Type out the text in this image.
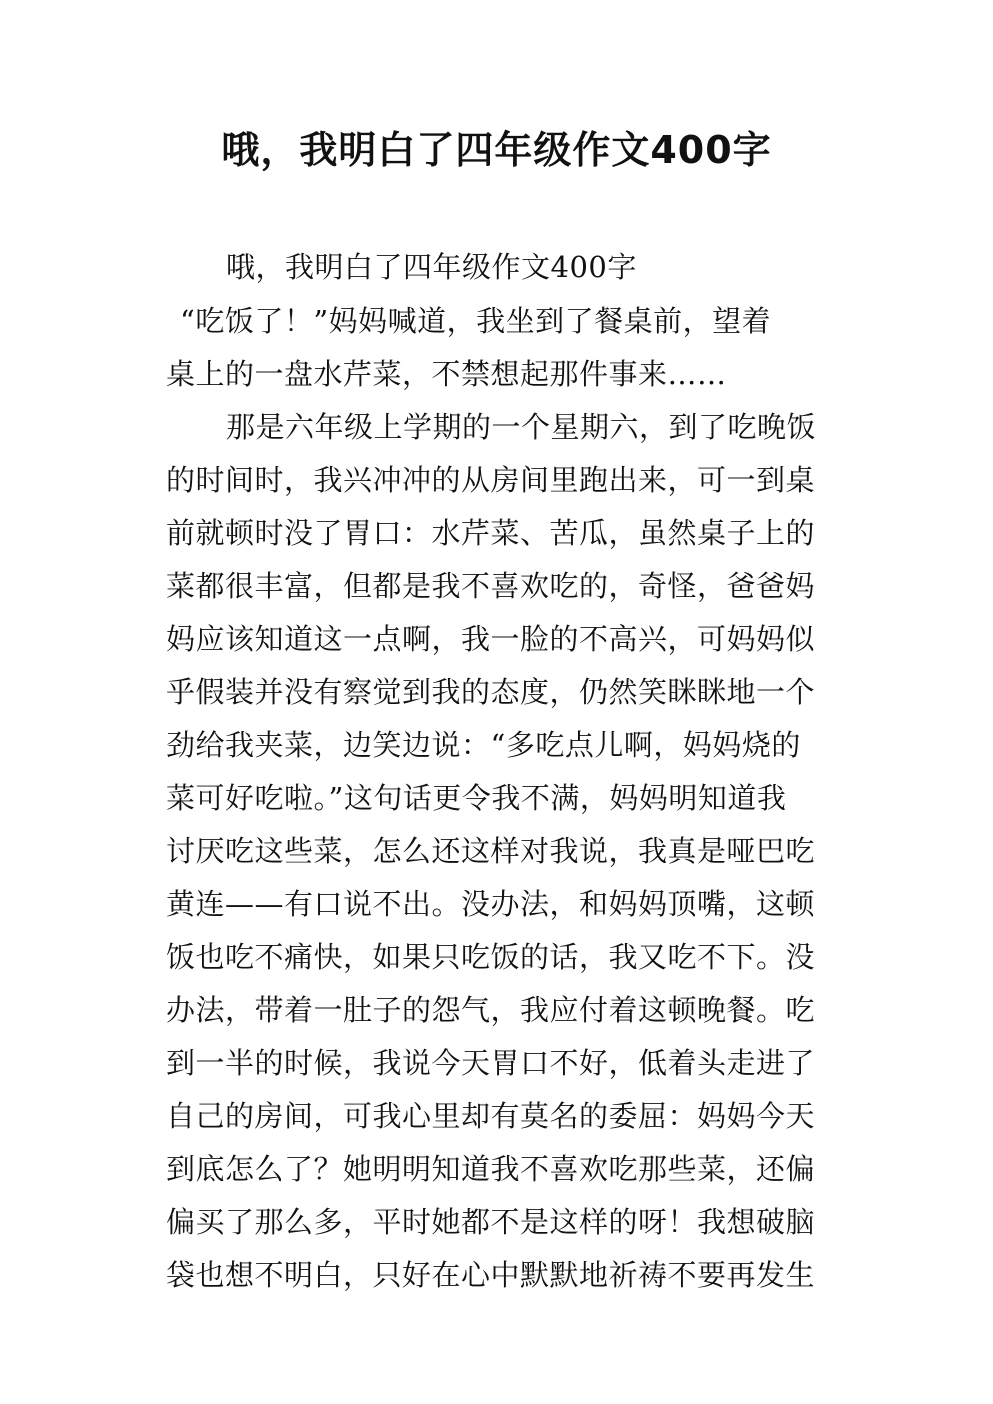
哦，我明白了四年级作文400字
哦，我明白了四年级作文400字
“吃饭了！”妈妈喊道，我坐到了餐桌前，望着
桌上的一盘水芹菜，不禁想起那件事来……
那是六年级上学期的一个星期六，到了吃晚饭
的时间时，我兴冲冲的从房间里跑出来，可一到桌
前就顿时没了胃口：水芹菜、苦瓜，虽然桌子上的
菜都很丰富，但都是我不喜欢吃的，奇怪，爸爸妈
妈应该知道这一点啊，我一脸的不高兴，可妈妈似
乎假装并没有察觉到我的态度，仍然笑眯眯地一个
劲给我夹菜，边笑边说：“多吃点儿啊，妈妈烧的
菜可好吃啦。”这句话更令我不满，妈妈明知道我
讨厌吃这些菜，怎么还这样对我说，我真是哑巴吃
黄连——有口说不出。没办法，和妈妈顶嘴，这顿
饭也吃不痛快，如果只吃饭的话，我又吃不下。没
办法，带着一肚子的怨气，我应付着这顿晚餐。吃
到一半的时候，我说今天胃口不好，低着头走进了
自己的房间，可我心里却有莫名的委屈：妈妈今天
到底怎么了？她明明知道我不喜欢吃那些菜，还偏
偏买了那么多，平时她都不是这样的呀！我想破脑
袋也想不明白，只好在心中默默地祈祷不要再发生
